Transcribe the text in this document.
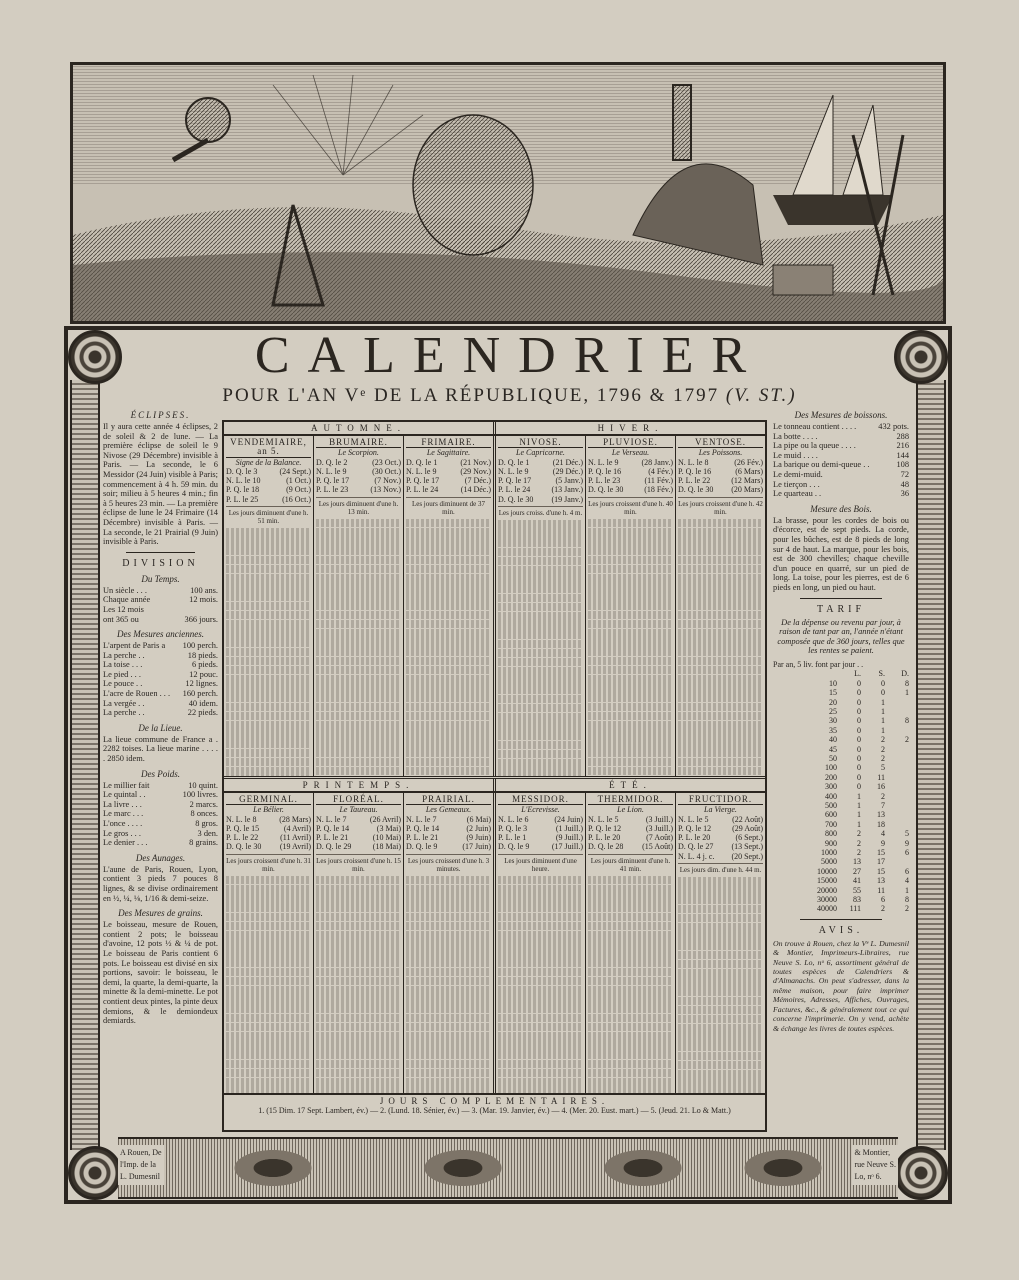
CALENDRIER
POUR L'AN Vᵉ DE LA RÉPUBLIQUE, 1796 & 1797 (V. ST.)
ÉCLIPSES.

Il y aura cette année 4 éclipses, 2 de soleil & 2 de lune. — La première éclipse de soleil le 9 Nivose (29 Décembre) invisible à Paris. — La seconde, le 6 Messidor (24 Juin) visible à Paris; commencement à 4 h. 59 min. du soir; milieu à 5 heures 4 min.; fin à 5 heures 23 min. — La première éclipse de lune le 24 Frimaire (14 Décembre) invisible à Paris. — La seconde, le 21 Prairial (9 Juin) invisible à Paris.

DIVISION
Du Temps.
Un siècle . . .	100 ans.
Chaque année	12 mois.
Les 12 mois
ont 365 ou	366 jours.
Des Mesures anciennes.
L'arpent de Paris a	100 perch.
La perche . .	18 pieds.
La toise . . .	6 pieds.
Le pied . . .	12 pouc.
Le pouce . .	12 lignes.
L'acre de Rouen . . .	160 perch.
La vergée . .	40 idem.
La perche . .	22 pieds.
De la Lieue.

La lieue commune de France a . 2282 toises. La lieue marine . . . . . 2850 idem.

Des Poids.
Le millier fait	10 quint.
Le quintal . .	100 livres.
La livre . . .	2 marcs.
Le marc . . .	8 onces.
L'once . . . .	8 gros.
Le gros . . .	3 den.
Le denier . . .	8 grains.
Des Aunages.

L'aune de Paris, Rouen, Lyon, contient 3 pieds 7 pouces 8 lignes, & se divise ordinairement en ½, ¼, ⅛, 1/16 & demi-seize.

Des Mesures de grains.

Le boisseau, mesure de Rouen, contient 2 pots; le boisseau d'avoine, 12 pots ½ & ¼ de pot. Le boisseau de Paris contient 6 pots. Le boisseau est divisé en six portions, savoir: le boisseau, le demi, la quarte, la demi-quarte, la minette & la demi-minette. Le pot contient deux pintes, la pinte deux demions, & le demiondeux demiards.

Des Mesures de boissons.
Le tonneau contient . . . .	432 pots.
La botte . . . .	288
La pipe ou la queue . . . .	216
Le muid . . . .	144
La barique ou demi-queue . .	108
Le demi-muid.	72
Le tierçon . . .	48
Le quarteau . .	36
Mesure des Bois.

La brasse, pour les cordes de bois ou d'écorce, est de sept pieds. La corde, pour les bûches, est de 8 pieds de long sur 4 de haut. La marque, pour les bois, est de 300 chevilles; chaque cheville d'un pouce en quarré, sur un pied de long. La toise, pour les pierres, est de 6 pieds en long, un pied ou haut.

TARIF

De la dépense ou revenu par jour, à raison de tant par an, l'année n'étant composée que de 360 jours, telles que les rentes se paient.

Par an, 5 liv. font par jour . .
L.	S.	D.
10	0	0	8
15	0	0	1
20	0	1
25	0	1
30	0	1	8
35	0	1
40	0	2	2
45	0	2
50	0	2
100	0	5
200	0	11
300	0	16
400	1	2
500	1	7
600	1	13
700	1	18
800	2	4	5
900	2	9	9
1000	2	15	6
5000	13	17
10000	27	15	6
15000	41	13	4
20000	55	11	1
30000	83	6	8
40000	111	2	2
AVIS.

On trouve à Rouen, chez la Vᵉ L. Dumesnil & Montier, Imprimeurs-Libraires, rue Neuve S. Lo, nᵒ 6, assortiment général de toutes espèces de Calendriers & d'Almanachs. On peut s'adresser, dans la même maison, pour faire imprimer Mémoires, Adresses, Affiches, Ouvrages, Factures, &c., & généralement tout ce qui concerne l'imprimerie. On y vend, achète & échange les livres de toutes espèces.

AUTOMNE.	HIVER.
VENDEMIAIRE, an 5.
Signe de la Balance.
D. Q. le 3	(24 Sept.)
N. L. le 10	(1 Oct.)
P. Q. le 18	(9 Oct.)
P. L. le 25	(16 Oct.)
Les jours diminuent d'une h. 51 min.
BRUMAIRE.
Le Scorpion.
D. Q. le 2	(23 Oct.)
N. L. le 9	(30 Oct.)
P. Q. le 17	(7 Nov.)
P. L. le 23	(13 Nov.)
Les jours diminuent d'une h. 13 min.
FRIMAIRE.
Le Sagittaire.
D. Q. le 1	(21 Nov.)
N. L. le 9	(29 Nov.)
P. Q. le 17	(7 Déc.)
P. L. le 24	(14 Déc.)
Les jours diminuent de 37 min.
NIVOSE.
Le Capricorne.
D. Q. le 1	(21 Déc.)
N. L. le 9	(29 Déc.)
P. Q. le 17	(5 Janv.)
P. L. le 24	(13 Janv.)
D. Q. le 30 (19 Janv.)
Les jours croiss. d'une h. 4 m.
PLUVIOSE.
Le Verseau.
N. L. le 9	(28 Janv.)
P. Q. le 16	(4 Fév.)
P. L. le 23	(11 Fév.)
D. Q. le 30	(18 Fév.)
Les jours croissent d'une h. 40 min.
VENTOSE.
Les Poissons.
N. L. le 8	(26 Fév.)
P. Q. le 16	(6 Mars)
P. L. le 22	(12 Mars)
D. Q. le 30 (20 Mars)
Les jours croissent d'une h. 42 min.
PRINTEMPS.	ÉTÉ.
GERMINAL.
Le Bélier.
N. L. le 8	(28 Mars)
P. Q. le 15	(4 Avril)
P. L. le 22	(11 Avril)
D. Q. le 30 (19 Avril)
Les jours croissent d'une h. 31 min.
FLORÉAL.
Le Taureau.
N. L. le 7	(26 Avril)
P. Q. le 14	(3 Mai)
P. L. le 21	(10 Mai)
D. Q. le 29	(18 Mai)
Les jours croissent d'une h. 15 min.
PRAIRIAL.
Les Gemeaux.
N. L. le 7	(6 Mai)
P. Q. le 14	(2 Juin)
P. L. le 21	(9 Juin)
D. Q. le 9	(17 Juin)
Les jours croissent d'une h. 3 minutes.
MESSIDOR.
L'Ecrevisse.
N. L. le 6	(24 Juin)
P. Q. le 3	(1 Juill.)
P. L. le 1	(9 Juill.)
D. Q. le 9	(17 Juill.)
Les jours diminuent d'une heure.
THERMIDOR.
Le Lion.
N. L. le 5	(3 Juill.)
P. Q. le 12	(3 Juill.)
P. L. le 20	(7 Août)
D. Q. le 28 (15 Août)
Les jours diminuent d'une h. 41 min.
FRUCTIDOR.
La Vierge.
N. L. le 5	(22 Août)
P. Q. le 12	(29 Août)
P. L. le 20	(6 Sept.)
D. Q. le 27 (13 Sept.)
N. L. 4 j. c. (20 Sept.)
Les jours dim. d'une h. 44 m.
JOURS COMPLEMENTAIRES.
1. (15 Dim. 17 Sept. Lambert, év.) — 2. (Lund. 18. Sénier, év.) — 3. (Mar. 19. Janvier, év.) — 4. (Mer. 20. Eust. mart.) — 5. (Jeud. 21. Lo & Matt.)
A Rouen, De
l'Imp. de la
L. Dumesnil
& Montier,
rue Neuve S.
Lo, nᵒ 6.
